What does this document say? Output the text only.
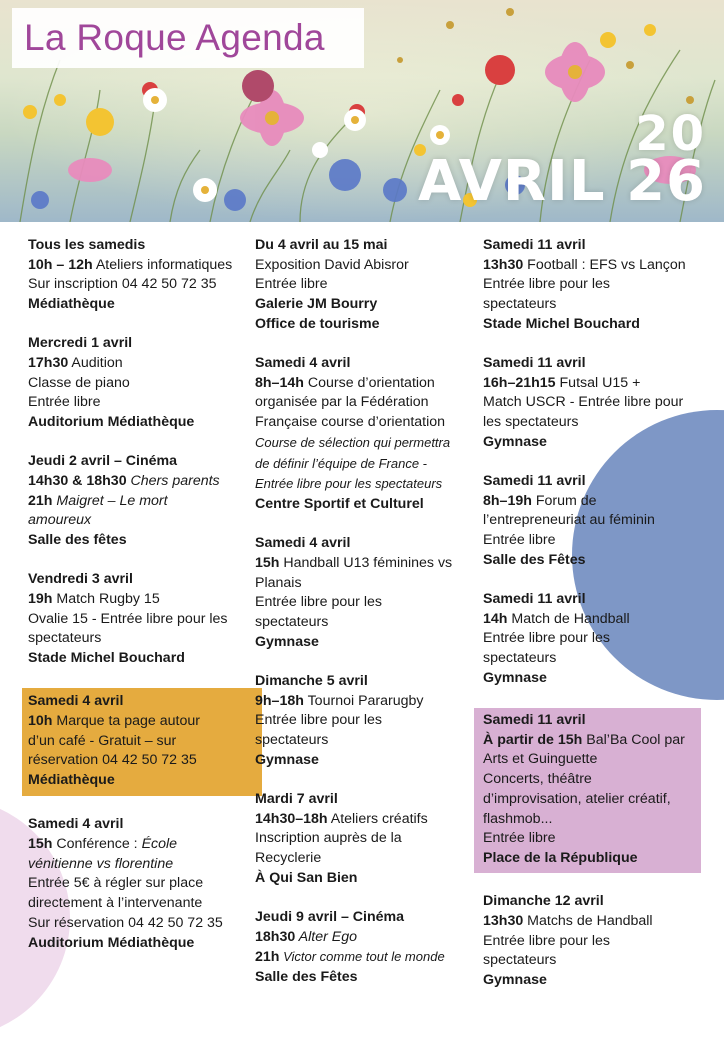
La Roque Agenda
20
AVRIL 26
Tous les samedis
10h – 12h Ateliers informatiques
Sur inscription 04 42 50 72 35
Médiathèque
Mercredi 1 avril
17h30 Audition
Classe de piano
Entrée libre
Auditorium Médiathèque
Jeudi 2 avril – Cinéma
14h30 & 18h30 Chers parents
21h Maigret – Le mort
amoureux
Salle des fêtes
Vendredi 3 avril
19h Match Rugby 15
Ovalie 15 - Entrée libre pour les
spectateurs
Stade Michel Bouchard
Samedi 4 avril
10h Marque ta page autour
d’un café - Gratuit – sur
réservation 04 42 50 72 35
Médiathèque
Samedi 4 avril
15h Conférence : École
vénitienne vs florentine
Entrée 5€ à régler sur place
directement à l’intervenante
Sur réservation 04 42 50 72 35
Auditorium Médiathèque
Du 4 avril au 15 mai
Exposition David Abisror
Entrée libre
Galerie JM Bourry
Office de tourisme
Samedi 4 avril
8h–14h Course d’orientation
organisée par la Fédération
Française course d’orientation
Course de sélection qui permettra
de définir l’équipe de France -
Entrée libre pour les spectateurs
Centre Sportif et Culturel
Samedi 4 avril
15h Handball U13 féminines vs
Planais
Entrée libre pour les
spectateurs
Gymnase
Dimanche 5 avril
9h–18h Tournoi Pararugby
Entrée libre pour les
spectateurs
Gymnase
Mardi 7 avril
14h30–18h Ateliers créatifs
Inscription auprès de la
Recyclerie
À Qui San Bien
Jeudi 9 avril – Cinéma
18h30 Alter Ego
21h Victor comme tout le monde
Salle des Fêtes
Samedi 11 avril
13h30 Football : EFS vs Lançon
Entrée libre pour les
spectateurs
Stade Michel Bouchard
Samedi 11 avril
16h–21h15 Futsal U15 +
Match USCR - Entrée libre pour
les spectateurs
Gymnase
Samedi 11 avril
8h–19h Forum de
l’entrepreneuriat au féminin
Entrée libre
Salle des Fêtes
Samedi 11 avril
14h Match de Handball
Entrée libre pour les
spectateurs
Gymnase
Samedi 11 avril
À partir de 15h Bal’Ba Cool par
Arts et Guinguette
Concerts, théâtre
d’improvisation, atelier créatif,
flashmob...
Entrée libre
Place de la République
Dimanche 12 avril
13h30 Matchs de Handball
Entrée libre pour les
spectateurs
Gymnase
